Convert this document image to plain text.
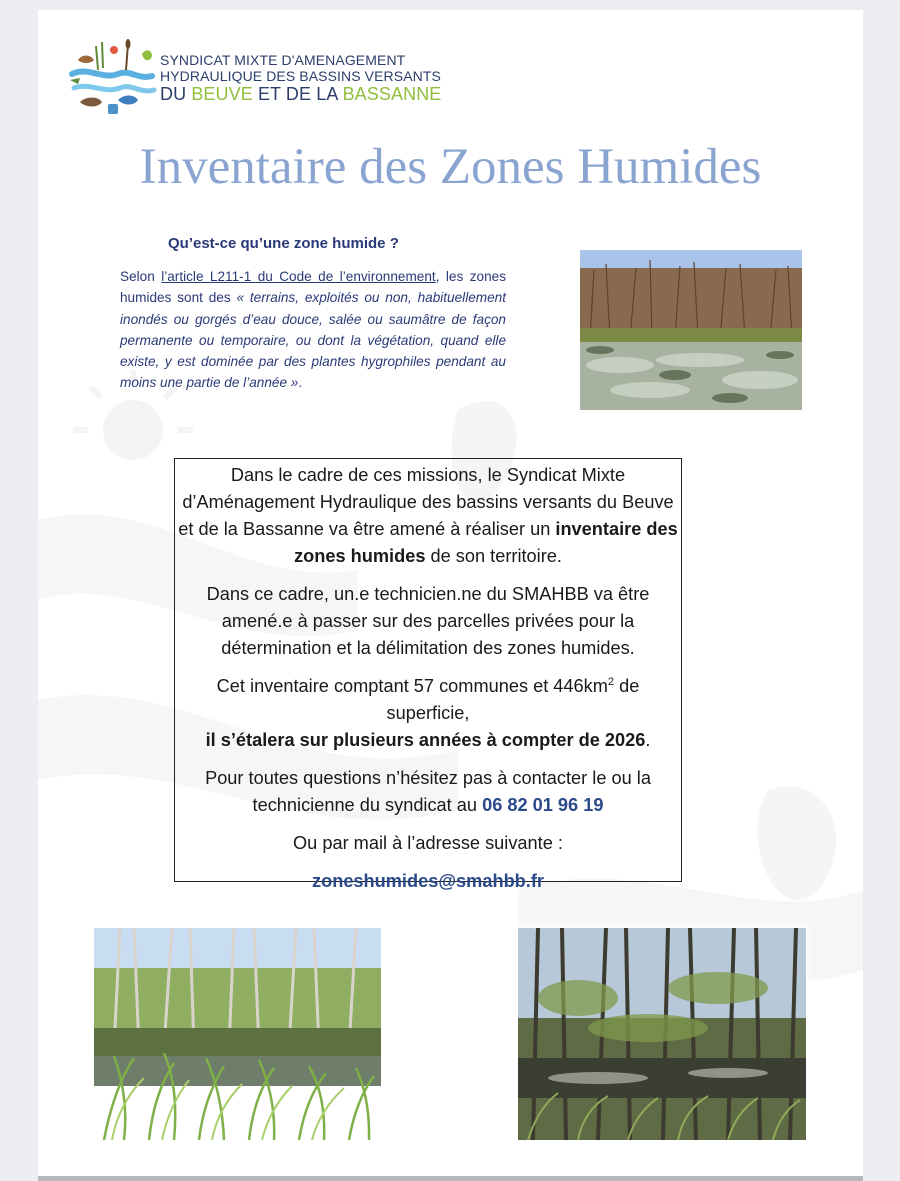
SYNDICAT MIXTE D'AMENAGEMENT
HYDRAULIQUE DES BASSINS VERSANTS
DU BEUVE ET DE LA BASSANNE
Inventaire des Zones Humides
Qu’est-ce qu’une zone humide ?
Selon l’article L211-1 du Code de l’environnement, les zones humides sont des « terrains, exploités ou non, habituellement inondés ou gorgés d’eau douce, salée ou saumâtre de façon permanente ou temporaire, ou dont la végétation, quand elle existe, y est dominée par des plantes hygrophiles pendant au moins une partie de l’année ».

Dans le cadre de ces missions, le Syndicat Mixte d’Aménagement Hydraulique des bassins versants du Beuve et de la Bassanne va être amené à réaliser un inventaire des zones humides de son territoire.

Dans ce cadre, un.e technicien.ne du SMAHBB va être amené.e à passer sur des parcelles privées pour la détermination et la délimitation des zones humides.

Cet inventaire comptant 57 communes et $446km^2$ de superficie,
il s’étalera sur plusieurs années à compter de 2026.

Pour toutes questions n’hésitez pas à contacter le ou la technicienne du syndicat au 06 82 01 96 19

Ou par mail à l’adresse suivante :

zoneshumides@smahbb.fr
